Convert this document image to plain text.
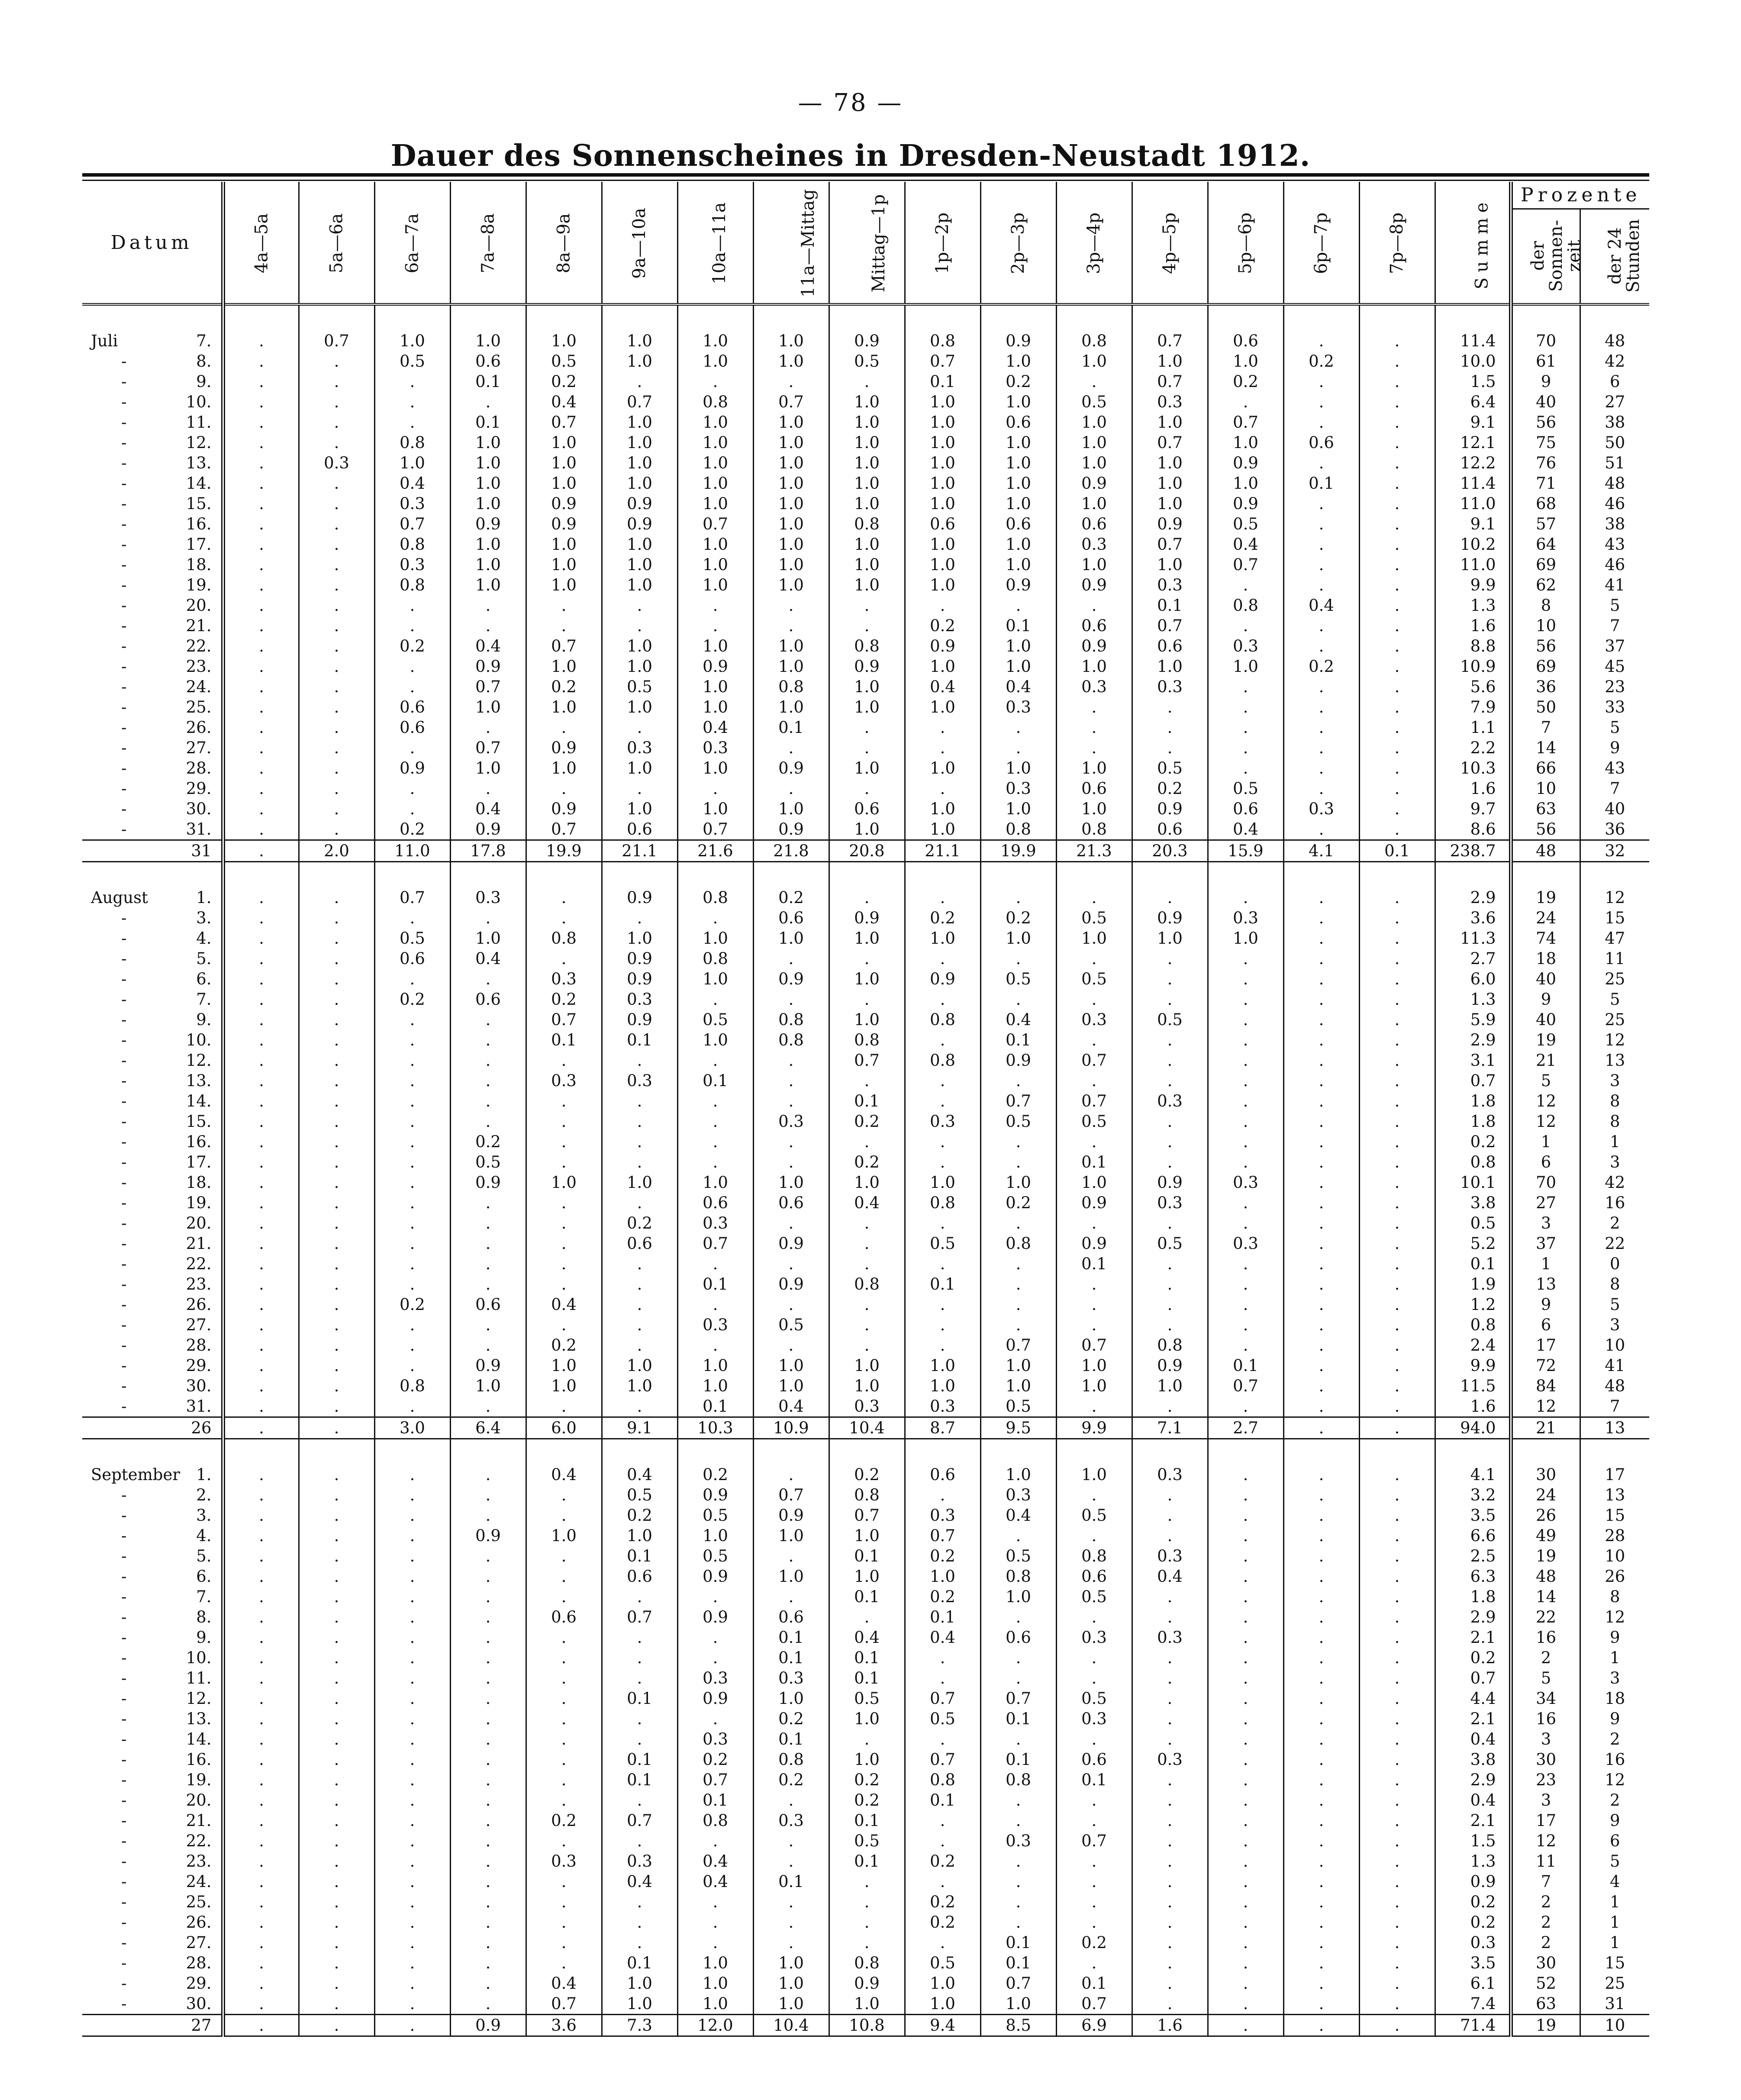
— 78 —
Dauer des Sonnenscheines in Dresden-Neustadt 1912.
Datum	4a—5a	5a—6a	6a—7a	7a—8a	8a—9a	9a—10a	10a—11a	11a—Mittag	Mittag—1p	1p—2p	2p—3p	3p—4p	4p—5p	5p—6p	6p—7p	7p—8p	Summe	Prozente	
																		der Sonnen-zeit	der 24 Stunden

Juli 7.	.	0.7	1.0	1.0	1.0	1.0	1.0	1.0	0.9	0.8	0.9	0.8	0.7	0.6	.	.	11.4	70	48

- 8.	.	.	0.5	0.6	0.5	1.0	1.0	1.0	0.5	0.7	1.0	1.0	1.0	1.0	0.2	.	10.0	61	42

- 9.	.	.	.	0.1	0.2	.	.	.	.	0.1	0.2	.	0.7	0.2	.	.	1.5	9	6

- 10.	.	.	.	.	0.4	0.7	0.8	0.7	1.0	1.0	1.0	0.5	0.3	.	.	.	6.4	40	27

- 11.	.	.	.	0.1	0.7	1.0	1.0	1.0	1.0	1.0	0.6	1.0	1.0	0.7	.	.	9.1	56	38

- 12.	.	.	0.8	1.0	1.0	1.0	1.0	1.0	1.0	1.0	1.0	1.0	0.7	1.0	0.6	.	12.1	75	50

- 13.	.	0.3	1.0	1.0	1.0	1.0	1.0	1.0	1.0	1.0	1.0	1.0	1.0	0.9	.	.	12.2	76	51

- 14.	.	.	0.4	1.0	1.0	1.0	1.0	1.0	1.0	1.0	1.0	0.9	1.0	1.0	0.1	.	11.4	71	48

- 15.	.	.	0.3	1.0	0.9	0.9	1.0	1.0	1.0	1.0	1.0	1.0	1.0	0.9	.	.	11.0	68	46

- 16.	.	.	0.7	0.9	0.9	0.9	0.7	1.0	0.8	0.6	0.6	0.6	0.9	0.5	.	.	9.1	57	38

- 17.	.	.	0.8	1.0	1.0	1.0	1.0	1.0	1.0	1.0	1.0	0.3	0.7	0.4	.	.	10.2	64	43

- 18.	.	.	0.3	1.0	1.0	1.0	1.0	1.0	1.0	1.0	1.0	1.0	1.0	0.7	.	.	11.0	69	46

- 19.	.	.	0.8	1.0	1.0	1.0	1.0	1.0	1.0	1.0	0.9	0.9	0.3	.	.	.	9.9	62	41

- 20.	.	.	.	.	.	.	.	.	.	.	.	.	0.1	0.8	0.4	.	1.3	8	5

- 21.	.	.	.	.	.	.	.	.	.	0.2	0.1	0.6	0.7	.	.	.	1.6	10	7

- 22.	.	.	0.2	0.4	0.7	1.0	1.0	1.0	0.8	0.9	1.0	0.9	0.6	0.3	.	.	8.8	56	37

- 23.	.	.	.	0.9	1.0	1.0	0.9	1.0	0.9	1.0	1.0	1.0	1.0	1.0	0.2	.	10.9	69	45

- 24.	.	.	.	0.7	0.2	0.5	1.0	0.8	1.0	0.4	0.4	0.3	0.3	.	.	.	5.6	36	23

- 25.	.	.	0.6	1.0	1.0	1.0	1.0	1.0	1.0	1.0	0.3	.	.	.	.	.	7.9	50	33

- 26.	.	.	0.6	.	.	.	0.4	0.1	.	.	.	.	.	.	.	.	1.1	7	5

- 27.	.	.	.	0.7	0.9	0.3	0.3	.	.	.	.	.	.	.	.	.	2.2	14	9

- 28.	.	.	0.9	1.0	1.0	1.0	1.0	0.9	1.0	1.0	1.0	1.0	0.5	.	.	.	10.3	66	43

- 29.	.	.	.	.	.	.	.	.	.	.	0.3	0.6	0.2	0.5	.	.	1.6	10	7

- 30.	.	.	.	0.4	0.9	1.0	1.0	1.0	0.6	1.0	1.0	1.0	0.9	0.6	0.3	.	9.7	63	40

- 31.	.	.	0.2	0.9	0.7	0.6	0.7	0.9	1.0	1.0	0.8	0.8	0.6	0.4	.	.	8.6	56	36
31	.	2.0	11.0	17.8	19.9	21.1	21.6	21.8	20.8	21.1	19.9	21.3	20.3	15.9	4.1	0.1	238.7	48	32

August 1.	.	.	0.7	0.3	.	0.9	0.8	0.2	.	.	.	.	.	.	.	.	2.9	19	12

- 3.	.	.	.	.	.	.	.	0.6	0.9	0.2	0.2	0.5	0.9	0.3	.	.	3.6	24	15

- 4.	.	.	0.5	1.0	0.8	1.0	1.0	1.0	1.0	1.0	1.0	1.0	1.0	1.0	.	.	11.3	74	47

- 5.	.	.	0.6	0.4	.	0.9	0.8	.	.	.	.	.	.	.	.	.	2.7	18	11

- 6.	.	.	.	.	0.3	0.9	1.0	0.9	1.0	0.9	0.5	0.5	.	.	.	.	6.0	40	25

- 7.	.	.	0.2	0.6	0.2	0.3	.	.	.	.	.	.	.	.	.	.	1.3	9	5

- 9.	.	.	.	.	0.7	0.9	0.5	0.8	1.0	0.8	0.4	0.3	0.5	.	.	.	5.9	40	25

- 10.	.	.	.	.	0.1	0.1	1.0	0.8	0.8	.	0.1	.	.	.	.	.	2.9	19	12

- 12.	.	.	.	.	.	.	.	.	0.7	0.8	0.9	0.7	.	.	.	.	3.1	21	13

- 13.	.	.	.	.	0.3	0.3	0.1	.	.	.	.	.	.	.	.	.	0.7	5	3

- 14.	.	.	.	.	.	.	.	.	0.1	.	0.7	0.7	0.3	.	.	.	1.8	12	8

- 15.	.	.	.	.	.	.	.	0.3	0.2	0.3	0.5	0.5	.	.	.	.	1.8	12	8

- 16.	.	.	.	0.2	.	.	.	.	.	.	.	.	.	.	.	.	0.2	1	1

- 17.	.	.	.	0.5	.	.	.	.	0.2	.	.	0.1	.	.	.	.	0.8	6	3

- 18.	.	.	.	0.9	1.0	1.0	1.0	1.0	1.0	1.0	1.0	1.0	0.9	0.3	.	.	10.1	70	42

- 19.	.	.	.	.	.	.	0.6	0.6	0.4	0.8	0.2	0.9	0.3	.	.	.	3.8	27	16

- 20.	.	.	.	.	.	0.2	0.3	.	.	.	.	.	.	.	.	.	0.5	3	2

- 21.	.	.	.	.	.	0.6	0.7	0.9	.	0.5	0.8	0.9	0.5	0.3	.	.	5.2	37	22

- 22.	.	.	.	.	.	.	.	.	.	.	.	0.1	.	.	.	.	0.1	1	0

- 23.	.	.	.	.	.	.	0.1	0.9	0.8	0.1	.	.	.	.	.	.	1.9	13	8

- 26.	.	.	0.2	0.6	0.4	.	.	.	.	.	.	.	.	.	.	.	1.2	9	5

- 27.	.	.	.	.	.	.	0.3	0.5	.	.	.	.	.	.	.	.	0.8	6	3

- 28.	.	.	.	.	0.2	.	.	.	.	.	0.7	0.7	0.8	.	.	.	2.4	17	10

- 29.	.	.	.	0.9	1.0	1.0	1.0	1.0	1.0	1.0	1.0	1.0	0.9	0.1	.	.	9.9	72	41

- 30.	.	.	0.8	1.0	1.0	1.0	1.0	1.0	1.0	1.0	1.0	1.0	1.0	0.7	.	.	11.5	84	48

- 31.	.	.	.	.	.	.	0.1	0.4	0.3	0.3	0.5	.	.	.	.	.	1.6	12	7
26	.	.	3.0	6.4	6.0	9.1	10.3	10.9	10.4	8.7	9.5	9.9	7.1	2.7	.	.	94.0	21	13

September 1.	.	.	.	.	0.4	0.4	0.2	.	0.2	0.6	1.0	1.0	0.3	.	.	.	4.1	30	17

- 2.	.	.	.	.	.	0.5	0.9	0.7	0.8	.	0.3	.	.	.	.	.	3.2	24	13

- 3.	.	.	.	.	.	0.2	0.5	0.9	0.7	0.3	0.4	0.5	.	.	.	.	3.5	26	15

- 4.	.	.	.	0.9	1.0	1.0	1.0	1.0	1.0	0.7	.	.	.	.	.	.	6.6	49	28

- 5.	.	.	.	.	.	0.1	0.5	.	0.1	0.2	0.5	0.8	0.3	.	.	.	2.5	19	10

- 6.	.	.	.	.	.	0.6	0.9	1.0	1.0	1.0	0.8	0.6	0.4	.	.	.	6.3	48	26

- 7.	.	.	.	.	.	.	.	.	0.1	0.2	1.0	0.5	.	.	.	.	1.8	14	8

- 8.	.	.	.	.	0.6	0.7	0.9	0.6	.	0.1	.	.	.	.	.	.	2.9	22	12

- 9.	.	.	.	.	.	.	.	0.1	0.4	0.4	0.6	0.3	0.3	.	.	.	2.1	16	9

- 10.	.	.	.	.	.	.	.	0.1	0.1	.	.	.	.	.	.	.	0.2	2	1

- 11.	.	.	.	.	.	.	0.3	0.3	0.1	.	.	.	.	.	.	.	0.7	5	3

- 12.	.	.	.	.	.	0.1	0.9	1.0	0.5	0.7	0.7	0.5	.	.	.	.	4.4	34	18

- 13.	.	.	.	.	.	.	.	0.2	1.0	0.5	0.1	0.3	.	.	.	.	2.1	16	9

- 14.	.	.	.	.	.	.	0.3	0.1	.	.	.	.	.	.	.	.	0.4	3	2

- 16.	.	.	.	.	.	0.1	0.2	0.8	1.0	0.7	0.1	0.6	0.3	.	.	.	3.8	30	16

- 19.	.	.	.	.	.	0.1	0.7	0.2	0.2	0.8	0.8	0.1	.	.	.	.	2.9	23	12

- 20.	.	.	.	.	.	.	0.1	.	0.2	0.1	.	.	.	.	.	.	0.4	3	2

- 21.	.	.	.	.	0.2	0.7	0.8	0.3	0.1	.	.	.	.	.	.	.	2.1	17	9

- 22.	.	.	.	.	.	.	.	.	0.5	.	0.3	0.7	.	.	.	.	1.5	12	6

- 23.	.	.	.	.	0.3	0.3	0.4	.	0.1	0.2	.	.	.	.	.	.	1.3	11	5

- 24.	.	.	.	.	.	0.4	0.4	0.1	.	.	.	.	.	.	.	.	0.9	7	4

- 25.	.	.	.	.	.	.	.	.	.	0.2	.	.	.	.	.	.	0.2	2	1

- 26.	.	.	.	.	.	.	.	.	.	0.2	.	.	.	.	.	.	0.2	2	1

- 27.	.	.	.	.	.	.	.	.	.	.	0.1	0.2	.	.	.	.	0.3	2	1

- 28.	.	.	.	.	.	0.1	1.0	1.0	0.8	0.5	0.1	.	.	.	.	.	3.5	30	15

- 29.	.	.	.	.	0.4	1.0	1.0	1.0	0.9	1.0	0.7	0.1	.	.	.	.	6.1	52	25

- 30.	.	.	.	.	0.7	1.0	1.0	1.0	1.0	1.0	1.0	0.7	.	.	.	.	7.4	63	31
27	.	.	.	0.9	3.6	7.3	12.0	10.4	10.8	9.4	8.5	6.9	1.6	.	.	.	71.4	19	10
